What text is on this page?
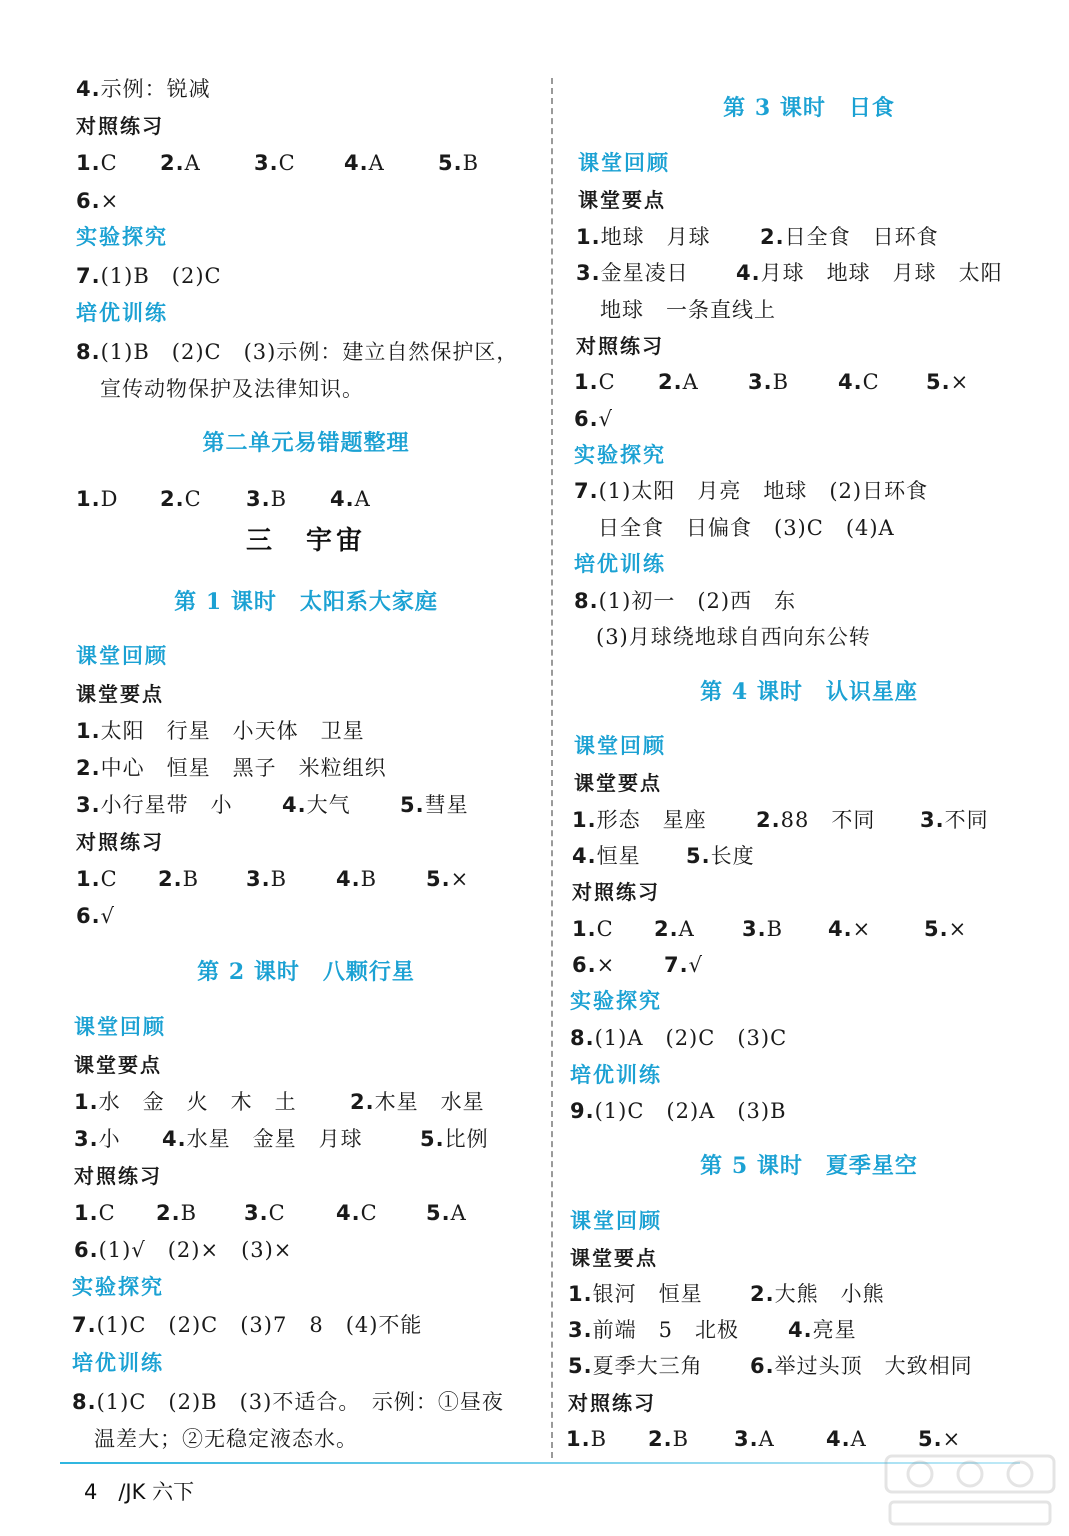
4.示例：锐减
对照练习
1.C 2.A	3.C 4.A	5.B
6.×
实验探究
7.(1)B　(2)C
培优训练
8.(1)B　(2)C　(3)示例：建立自然保护区，
宣传动物保护及法律知识。
第二单元易错题整理
1.D 2.C 3.B 4.A
三　宇宙
第 1 课时　太阳系大家庭
课堂回顾
课堂要点
1.太阳　行星　小天体　卫星
2.中心　恒星　黑子　米粒组织
3.小行星带　小 4.大气 5.彗星
对照练习
1.C 2.B 3.B 4.B 5.×
6.√
第 2 课时　八颗行星
课堂回顾
课堂要点
1.水　金　火　木　土	2.木星　水星
3.小 4.水星　金星　月球	5.比例
对照练习
1.C 2.B 3.C 4.C 5.A
6.(1)√　(2)×　(3)×
实验探究
7.(1)C　(2)C　(3)7　8　(4)不能
培优训练
8.(1)C　(2)B　(3)不适合。　示例：①昼夜
温差大；②无稳定液态水。
第 3 课时　日食
课堂回顾
课堂要点
1.地球　月球 2.日全食　日环食
3.金星凌日 4.月球　地球　月球　太阳
地球　一条直线上
对照练习
1.C 2.A 3.B 4.C 5.×
6.√
实验探究
7.(1)太阳　月亮　地球　(2)日环食
日全食　日偏食　(3)C　(4)A
培优训练
8.(1)初一　(2)西　东
(3)月球绕地球自西向东公转
第 4 课时　认识星座
课堂回顾
课堂要点
1.形态　星座 2.88　不同 3.不同
4.恒星 5.长度
对照练习
1.C 2.A 3.B 4.×	5.×
6.× 7.√
实验探究
8.(1)A　(2)C　(3)C
培优训练
9.(1)C　(2)A　(3)B
第 5 课时　夏季星空
课堂回顾
课堂要点
1.银河　恒星 2.大熊　小熊
3.前端　5　北极 4.亮星
5.夏季大三角 6.举过头顶　大致相同
对照练习
1.B 2.B 3.A 4.A 5.×
4　/JK 六下
